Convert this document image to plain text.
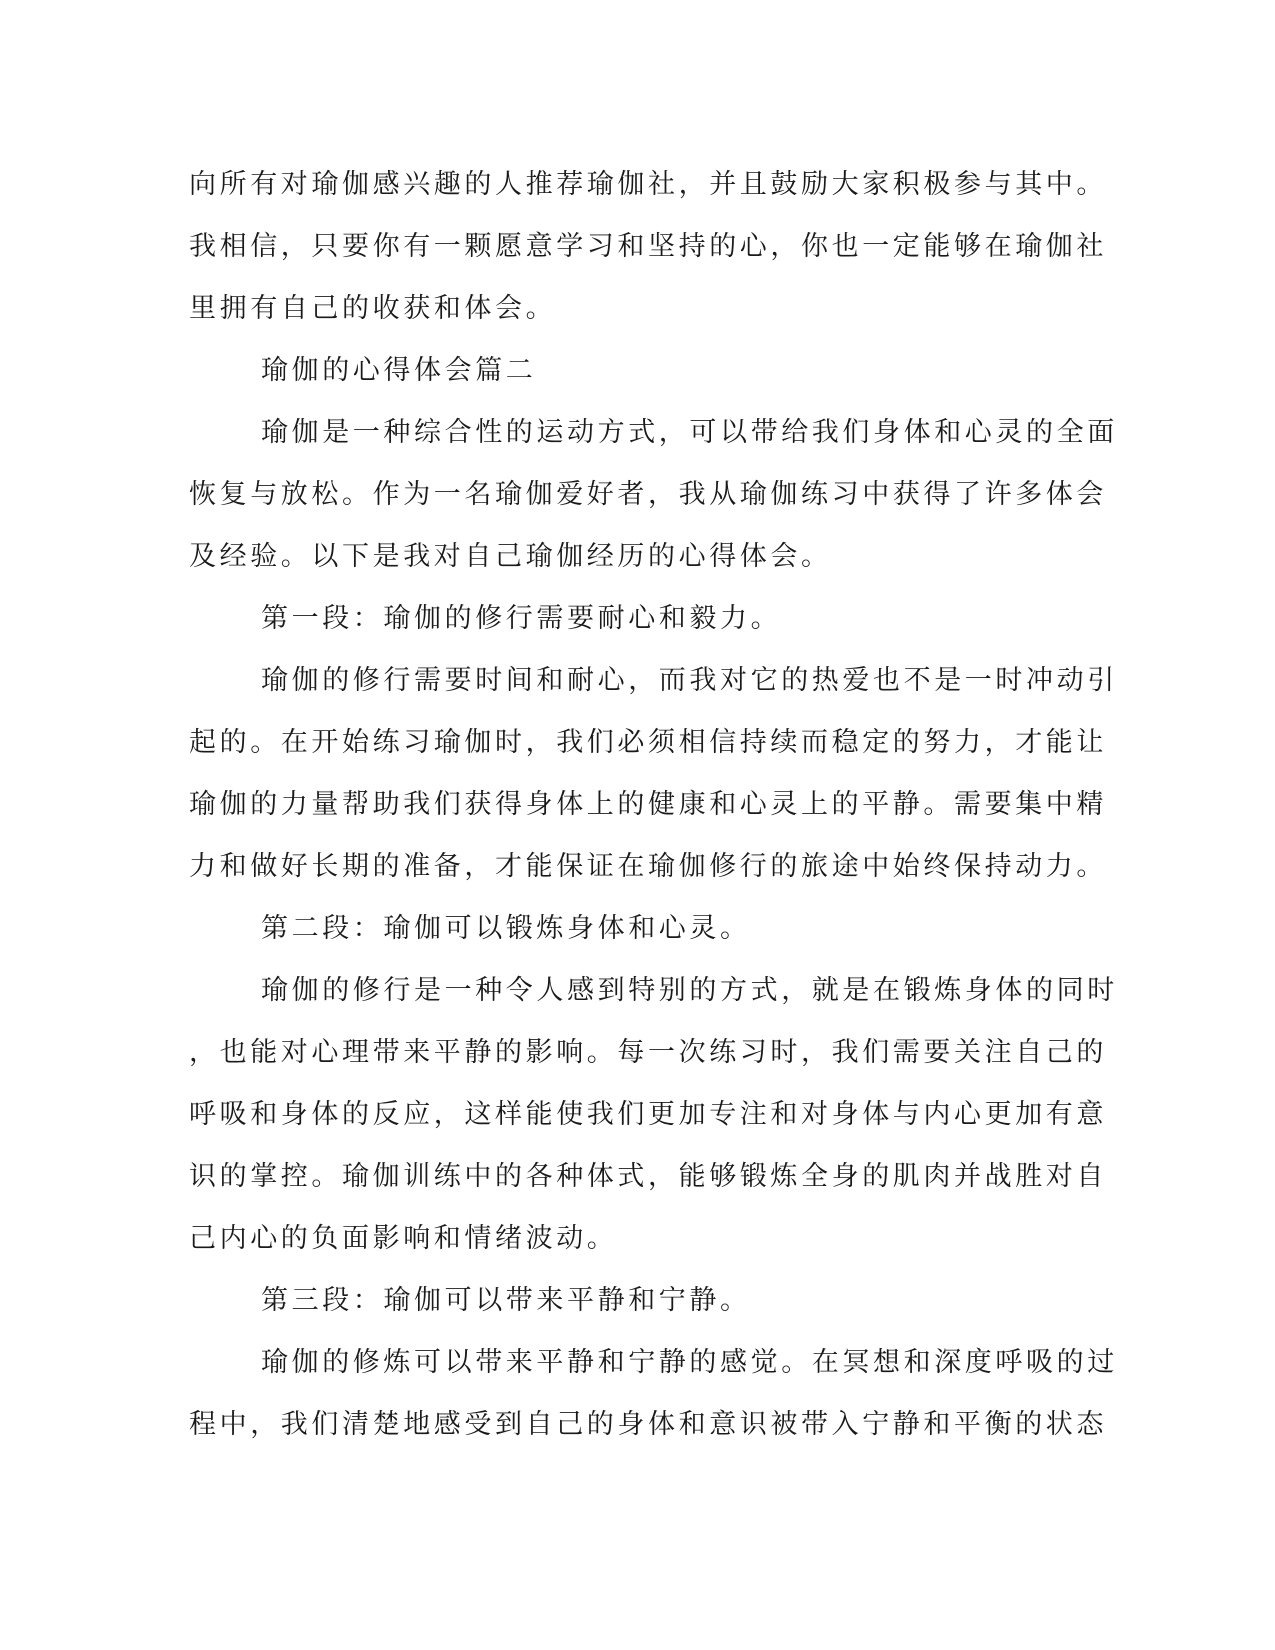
向所有对瑜伽感兴趣的人推荐瑜伽社，并且鼓励大家积极参与其中。
我相信，只要你有一颗愿意学习和坚持的心，你也一定能够在瑜伽社
里拥有自己的收获和体会。
瑜伽的心得体会篇二
瑜伽是一种综合性的运动方式，可以带给我们身体和心灵的全面
恢复与放松。作为一名瑜伽爱好者，我从瑜伽练习中获得了许多体会
及经验。以下是我对自己瑜伽经历的心得体会。
第一段：瑜伽的修行需要耐心和毅力。
瑜伽的修行需要时间和耐心，而我对它的热爱也不是一时冲动引
起的。在开始练习瑜伽时，我们必须相信持续而稳定的努力，才能让
瑜伽的力量帮助我们获得身体上的健康和心灵上的平静。需要集中精
力和做好长期的准备，才能保证在瑜伽修行的旅途中始终保持动力。
第二段：瑜伽可以锻炼身体和心灵。
瑜伽的修行是一种令人感到特别的方式，就是在锻炼身体的同时
，也能对心理带来平静的影响。每一次练习时，我们需要关注自己的
呼吸和身体的反应，这样能使我们更加专注和对身体与内心更加有意
识的掌控。瑜伽训练中的各种体式，能够锻炼全身的肌肉并战胜对自
己内心的负面影响和情绪波动。
第三段：瑜伽可以带来平静和宁静。
瑜伽的修炼可以带来平静和宁静的感觉。在冥想和深度呼吸的过
程中，我们清楚地感受到自己的身体和意识被带入宁静和平衡的状态
